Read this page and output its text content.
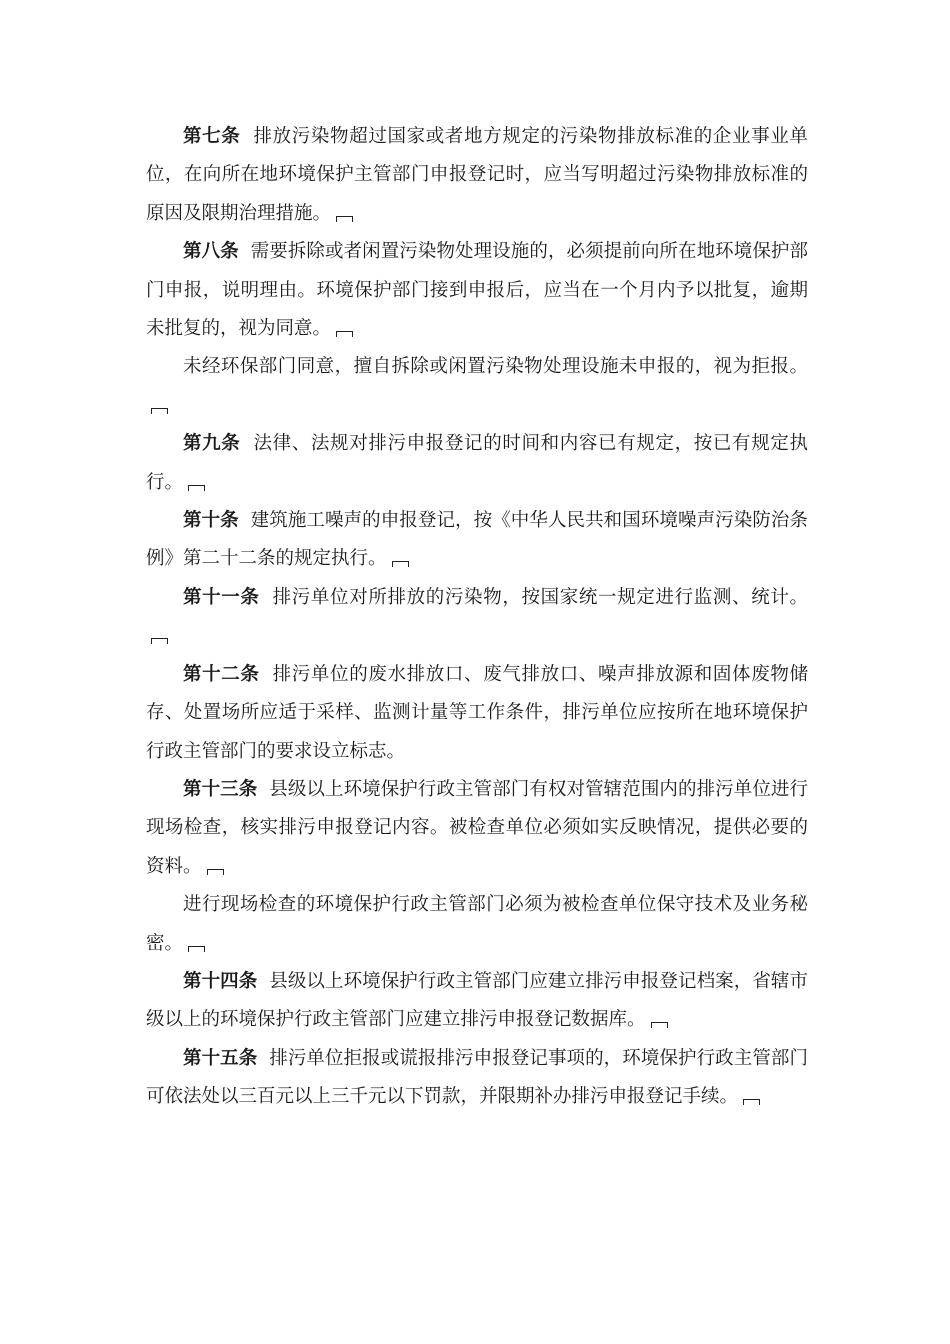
第七条 排放污染物超过国家或者地方规定的污染物排放标准的企业事业单位，在向所在地环境保护主管部门申报登记时，应当写明超过污染物排放标准的原因及限期治理措施。

第八条 需要拆除或者闲置污染物处理设施的，必须提前向所在地环境保护部门申报，说明理由。环境保护部门接到申报后，应当在一个月内予以批复，逾期未批复的，视为同意。

未经环保部门同意，擅自拆除或闲置污染物处理设施未申报的，视为拒报。

第九条 法律、法规对排污申报登记的时间和内容已有规定，按已有规定执行。

第十条 建筑施工噪声的申报登记，按《中华人民共和国环境噪声污染防治条例》第二十二条的规定执行。

第十一条 排污单位对所排放的污染物，按国家统一规定进行监测、统计。

第十二条 排污单位的废水排放口、废气排放口、噪声排放源和固体废物储存、处置场所应适于采样、监测计量等工作条件，排污单位应按所在地环境保护行政主管部门的要求设立标志。

第十三条 县级以上环境保护行政主管部门有权对管辖范围内的排污单位进行现场检查，核实排污申报登记内容。被检查单位必须如实反映情况，提供必要的资料。

进行现场检查的环境保护行政主管部门必须为被检查单位保守技术及业务秘密。

第十四条 县级以上环境保护行政主管部门应建立排污申报登记档案，省辖市级以上的环境保护行政主管部门应建立排污申报登记数据库。

第十五条 排污单位拒报或谎报排污申报登记事项的，环境保护行政主管部门可依法处以三百元以上三千元以下罚款，并限期补办排污申报登记手续。
